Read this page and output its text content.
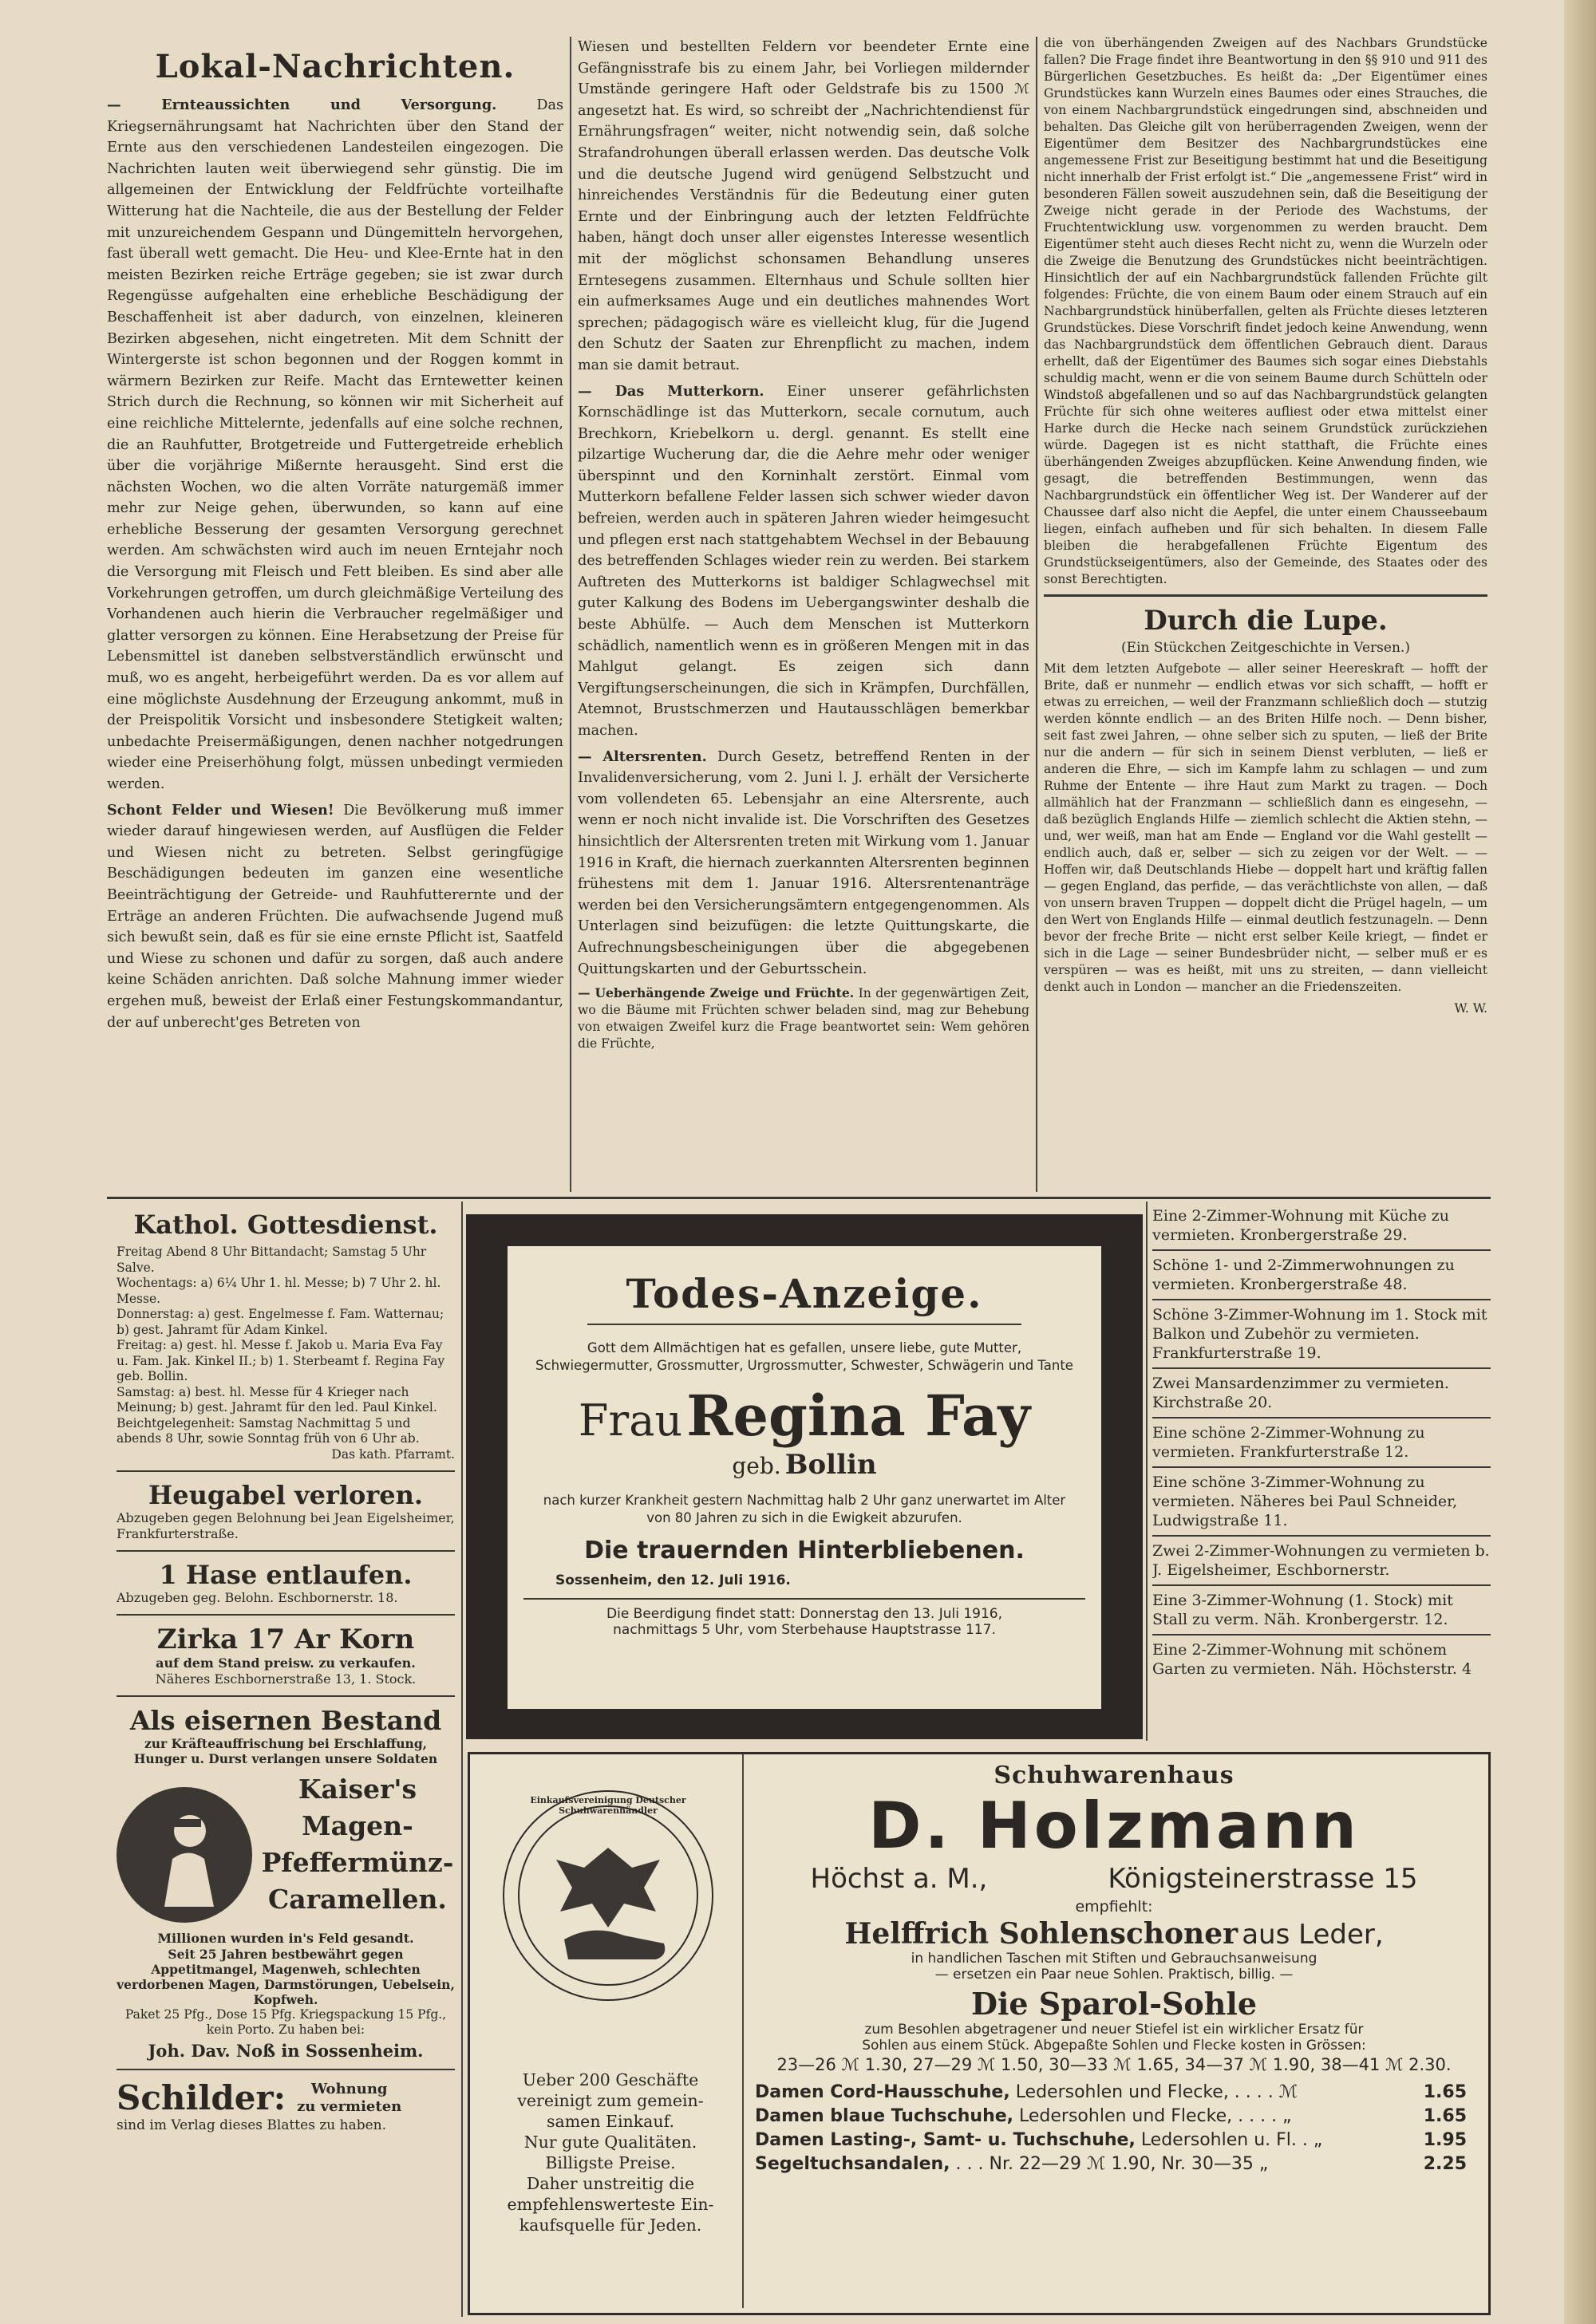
Lokal-Nachrichten.

— Ernteaussichten und Versorgung.	Das Kriegsernährungsamt hat Nachrichten über den Stand der Ernte aus den verschiedenen Landesteilen eingezogen. Die Nachrichten lauten weit überwiegend sehr günstig. Die im allgemeinen der Entwicklung der Feldfrüchte vorteilhafte Witterung hat die Nachteile, die aus der Bestellung der Felder mit unzureichendem Gespann und Düngemitteln hervorgehen, fast überall wett gemacht. Die Heu- und Klee-Ernte hat in den meisten Bezirken reiche Erträge gegeben; sie ist zwar durch Regengüsse aufgehalten eine erhebliche Beschädigung der Beschaffenheit ist aber dadurch, von einzelnen, kleineren Bezirken abgesehen, nicht eingetreten. Mit dem Schnitt der Wintergerste ist schon begonnen und der Roggen kommt in wärmern Bezirken zur Reife. Macht das Erntewetter keinen Strich durch die Rechnung, so können wir mit Sicherheit auf eine reichliche Mittelernte, jedenfalls auf eine solche rechnen, die an Rauhfutter, Brotgetreide und Futtergetreide erheblich über die vorjährige Mißernte herausgeht. Sind erst die nächsten Wochen, wo die alten Vorräte naturgemäß immer mehr zur Neige gehen, überwunden, so kann auf eine erhebliche Besserung der gesamten Versorgung gerechnet werden. Am schwächsten wird auch im neuen Erntejahr noch die Versorgung mit Fleisch und Fett bleiben. Es sind aber alle Vorkehrungen getroffen, um durch gleichmäßige Verteilung des Vorhandenen auch hierin die Verbraucher regelmäßiger und glatter versorgen zu können. Eine Herabsetzung der Preise für Lebensmittel ist daneben selbstverständlich erwünscht und muß, wo es angeht, herbeigeführt werden. Da es vor allem auf eine möglichste Ausdehnung der Erzeugung ankommt, muß in der Preispolitik Vorsicht und insbesondere Stetigkeit walten; unbedachte Preisermäßigungen, denen nachher notgedrungen wieder eine Preiserhöhung folgt, müssen unbedingt vermieden werden.

Schont Felder und Wiesen! Die Bevölkerung muß immer wieder darauf hingewiesen werden, auf Ausflügen die Felder und Wiesen nicht zu betreten. Selbst geringfügige Beschädigungen bedeuten im ganzen eine wesentliche Beeinträchtigung der Getreide- und Rauhfutterernte und der Erträge an anderen Früchten. Die aufwachsende Jugend muß sich bewußt sein, daß es für sie eine ernste Pflicht ist, Saatfeld und Wiese zu schonen und dafür zu sorgen, daß auch andere keine Schäden anrichten. Daß solche Mahnung immer wieder ergehen muß, beweist der Erlaß einer Festungskommandantur, der auf unberecht'ges Betreten von

Wiesen und bestellten Feldern vor beendeter Ernte eine Gefängnisstrafe bis zu einem Jahr, bei Vorliegen mildernder Umstände geringere Haft oder Geldstrafe bis zu 1500 ℳ angesetzt hat. Es wird, so schreibt der „Nachrichtendienst für Ernährungsfragen“ weiter, nicht notwendig sein, daß solche Strafandrohungen überall erlassen werden. Das deutsche Volk und die deutsche Jugend wird genügend Selbstzucht und hinreichendes Verständnis für die Bedeutung einer guten Ernte und der Einbringung auch der letzten Feldfrüchte haben, hängt doch unser aller eigenstes Interesse wesentlich mit der möglichst schonsamen Behandlung unseres Erntesegens zusammen. Elternhaus und Schule sollten hier ein aufmerksames Auge und ein deutliches mahnendes Wort sprechen; pädagogisch wäre es vielleicht klug, für die Jugend den Schutz der Saaten zur Ehrenpflicht zu machen, indem man sie damit betraut.

— Das Mutterkorn. Einer unserer gefährlichsten Kornschädlinge ist das Mutterkorn, secale cornutum, auch Brechkorn, Kriebelkorn u. dergl. genannt. Es stellt eine pilzartige Wucherung dar, die die Aehre mehr oder weniger überspinnt und den Korninhalt zerstört. Einmal vom Mutterkorn befallene Felder lassen sich schwer wieder davon befreien, werden auch in späteren Jahren wieder heimgesucht und pflegen erst nach stattgehabtem Wechsel in der Bebauung des betreffenden Schlages wieder rein zu werden. Bei starkem Auftreten des Mutterkorns ist baldiger Schlagwechsel mit guter Kalkung des Bodens im Uebergangswinter deshalb die beste Abhülfe. — Auch dem Menschen ist Mutterkorn schädlich, namentlich wenn es in größeren Mengen mit in das Mahlgut gelangt. Es zeigen sich dann Vergiftungserscheinungen, die sich in Krämpfen, Durchfällen, Atemnot, Brustschmerzen und Hautausschlägen bemerkbar machen.

— Altersrenten. Durch Gesetz, betreffend Renten in der Invalidenversicherung, vom 2. Juni l. J. erhält der Versicherte vom vollendeten 65. Lebensjahr an eine Altersrente, auch wenn er noch nicht invalide ist. Die Vorschriften des Gesetzes hinsichtlich der Altersrenten treten mit Wirkung vom 1. Januar 1916 in Kraft, die hiernach zuerkannten Altersrenten beginnen frühestens mit dem 1. Januar 1916. Altersrentenanträge werden bei den Versicherungsämtern entgegengenommen. Als Unterlagen sind beizufügen: die letzte Quittungskarte, die Aufrechnungsbescheinigungen über die abgegebenen Quittungskarten und der Geburtsschein.

— Ueberhängende Zweige und Früchte. In der gegenwärtigen Zeit, wo die Bäume mit Früchten schwer beladen sind, mag zur Behebung von etwaigen Zweifel kurz die Frage beantwortet sein: Wem gehören die Früchte,

die von überhängenden Zweigen auf des Nachbars Grundstücke fallen? Die Frage findet ihre Beantwortung in den §§ 910 und 911 des Bürgerlichen Gesetzbuches. Es heißt da: „Der Eigentümer eines Grundstückes kann Wurzeln eines Baumes oder eines Strauches, die von einem Nachbargrundstück eingedrungen sind, abschneiden und behalten. Das Gleiche gilt von herüberragenden Zweigen, wenn der Eigentümer dem Besitzer des Nachbargrundstückes eine angemessene Frist zur Beseitigung bestimmt hat und die Beseitigung nicht innerhalb der Frist erfolgt ist.“ Die „angemessene Frist“ wird in besonderen Fällen soweit auszudehnen sein, daß die Beseitigung der Zweige nicht gerade in der Periode des Wachstums, der Fruchtentwicklung usw. vorgenommen zu werden braucht. Dem Eigentümer steht auch dieses Recht nicht zu, wenn die Wurzeln oder die Zweige die Benutzung des Grundstückes nicht beeinträchtigen. Hinsichtlich der auf ein Nachbargrundstück fallenden Früchte gilt folgendes: Früchte, die von einem Baum oder einem Strauch auf ein Nachbargrundstück hinüberfallen, gelten als Früchte dieses letzteren Grundstückes. Diese Vorschrift findet jedoch keine Anwendung, wenn das Nachbargrundstück dem öffentlichen Gebrauch dient. Daraus erhellt, daß der Eigentümer des Baumes sich sogar eines Diebstahls schuldig macht, wenn er die von seinem Baume durch Schütteln oder Windstoß abgefallenen und so auf das Nachbargrundstück gelangten Früchte für sich ohne weiteres aufliest oder etwa mittelst einer Harke durch die Hecke nach seinem Grundstück zurückziehen würde. Dagegen ist es nicht statthaft, die Früchte eines überhängenden Zweiges abzupflücken. Keine Anwendung finden, wie gesagt, die betreffenden Bestimmungen, wenn das Nachbargrundstück ein öffentlicher Weg ist. Der Wanderer auf der Chaussee darf also nicht die Aepfel, die unter einem Chausseebaum liegen, einfach aufheben und für sich behalten. In diesem Falle bleiben die herabgefallenen Früchte Eigentum des Grundstückseigentümers, also der Gemeinde, des Staates oder des sonst Berechtigten.

Durch die Lupe.
(Ein Stückchen Zeitgeschichte in Versen.)

Mit dem letzten Aufgebote — aller seiner Heereskraft — hofft der Brite, daß er nunmehr — endlich etwas vor sich schafft, — hofft er etwas zu erreichen, — weil der Franzmann schließlich doch — stutzig werden könnte endlich — an des Briten Hilfe noch. — Denn bisher, seit fast zwei Jahren, — ohne selber sich zu sputen, — ließ der Brite nur die andern — für sich in seinem Dienst verbluten, — ließ er anderen die Ehre, — sich im Kampfe lahm zu schlagen — und zum Ruhme der Entente — ihre Haut zum Markt zu tragen. — Doch allmählich hat der Franzmann — schließlich dann es eingesehn, — daß bezüglich Englands Hilfe — ziemlich schlecht die Aktien stehn, — und, wer weiß, man hat am Ende — England vor die Wahl gestellt — endlich auch, daß er, selber — sich zu zeigen vor der Welt. — — Hoffen wir, daß Deutschlands Hiebe — doppelt hart und kräftig fallen — gegen England, das perfide, — das verächtlichste von allen, — daß von unsern braven Truppen — doppelt dicht die Prügel hageln, — um den Wert von Englands Hilfe — einmal deutlich festzunageln. — Denn bevor der freche Brite — nicht erst selber Keile kriegt, — findet er sich in die Lage — seiner Bundesbrüder nicht, — selber muß er es verspüren — was es heißt, mit uns zu streiten, — dann vielleicht denkt auch in London — mancher an die Friedenszeiten.

W. W.

Kathol. Gottesdienst.
Freitag Abend 8 Uhr Bittandacht; Samstag 5 Uhr Salve.
Wochentags: a) 6¼ Uhr 1. hl. Messe; b) 7 Uhr 2. hl. Messe.
Donnerstag: a) gest. Engelmesse f. Fam. Watternau; b) gest. Jahramt für Adam Kinkel.
Freitag: a) gest. hl. Messe f. Jakob u. Maria Eva Fay u. Fam. Jak. Kinkel II.; b) 1. Sterbeamt f. Regina Fay geb. Bollin.
Samstag: a) best. hl. Messe für 4 Krieger nach Meinung; b) gest. Jahramt für den led. Paul Kinkel.
Beichtgelegenheit: Samstag Nachmittag 5 und abends 8 Uhr, sowie Sonntag früh von 6 Uhr ab.
Das kath. Pfarramt.
Heugabel verloren.
Abzugeben gegen Belohnung bei Jean Eigelsheimer, Frankfurterstraße.
1 Hase entlaufen.
Abzugeben geg. Belohn. Eschbornerstr. 18.
Zirka 17 Ar Korn
auf dem Stand preisw. zu verkaufen.
Näheres Eschbornerstraße 13, 1. Stock.
Als eisernen Bestand
zur Kräfteauffrischung bei Erschlaffung, Hunger u. Durst verlangen unsere Soldaten
Kaiser's
Magen-
Pfeffermünz-
Caramellen.
Millionen wurden in's Feld gesandt.
Seit 25 Jahren bestbewährt gegen Appetitmangel, Magenweh, schlechten verdorbenen Magen, Darmstörungen, Uebelsein, Kopfweh.
Paket 25 Pfg., Dose 15 Pfg. Kriegspackung 15 Pfg., kein Porto. Zu haben bei:
Joh. Dav. Noß in Sossenheim.
Schilder:	Wohnung
zu vermieten
sind im Verlag dieses Blattes zu haben.
Todes-Anzeige.
Gott dem Allmächtigen hat es gefallen, unsere liebe, gute Mutter, Schwiegermutter, Grossmutter, Urgrossmutter, Schwester, Schwägerin und Tante
Frau Regina Fay
geb. Bollin
nach kurzer Krankheit gestern Nachmittag halb 2 Uhr ganz unerwartet im Alter von 80 Jahren zu sich in die Ewigkeit abzurufen.
Die trauernden Hinterbliebenen.
Sossenheim, den 12. Juli 1916.
Die Beerdigung findet statt: Donnerstag den 13. Juli 1916,
nachmittags 5 Uhr, vom Sterbehause Hauptstrasse 117.
Eine 2-Zimmer-Wohnung mit Küche zu vermieten. Kronbergerstraße 29.
Schöne 1- und 2-Zimmerwohnungen zu vermieten. Kronbergerstraße 48.
Schöne 3-Zimmer-Wohnung im 1. Stock mit Balkon und Zubehör zu vermieten. Frankfurterstraße 19.
Zwei Mansardenzimmer zu vermieten. Kirchstraße 20.
Eine schöne 2-Zimmer-Wohnung zu vermieten. Frankfurterstraße 12.
Eine schöne 3-Zimmer-Wohnung zu vermieten. Näheres bei Paul Schneider, Ludwigstraße 11.
Zwei 2-Zimmer-Wohnungen zu vermieten b. J. Eigelsheimer, Eschbornerstr.
Eine 3-Zimmer-Wohnung (1. Stock) mit Stall zu verm. Näh. Kronbergerstr. 12.
Eine 2-Zimmer-Wohnung mit schönem Garten zu vermieten. Näh. Höchsterstr. 4
Einkaufsvereinigung Deutscher Schuhwarenhändler
Ueber 200 Geschäfte
vereinigt zum gemein-
samen Einkauf.
Nur gute Qualitäten.
Billigste Preise.
Daher unstreitig die
empfehlenswerteste Ein-
kaufsquelle für Jeden.
Schuhwarenhaus
D. Holzmann
Höchst a. M.,	Königsteinerstrasse 15
empfiehlt:
Helffrich Sohlenschoner aus Leder,
in handlichen Taschen mit Stiften und Gebrauchsanweisung
— ersetzen ein Paar neue Sohlen. Praktisch, billig. —
Die Sparol-Sohle
zum Besohlen abgetragener und neuer Stiefel ist ein wirklicher Ersatz für
Sohlen aus einem Stück. Abgepaßte Sohlen und Flecke kosten in Grössen:
23—26 ℳ 1.30, 27—29 ℳ 1.50, 30—33 ℳ 1.65, 34—37 ℳ 1.90, 38—41 ℳ 2.30.
Damen Cord-Hausschuhe, Ledersohlen und Flecke, . . . . ℳ	1.65
Damen blaue Tuchschuhe, Ledersohlen und Flecke, . . . . „	1.65
Damen Lasting-, Samt- u. Tuchschuhe, Ledersohlen u. Fl. . „	1.95
Segeltuchsandalen, . . . Nr. 22—29 ℳ 1.90, Nr. 30—35 „	2.25
